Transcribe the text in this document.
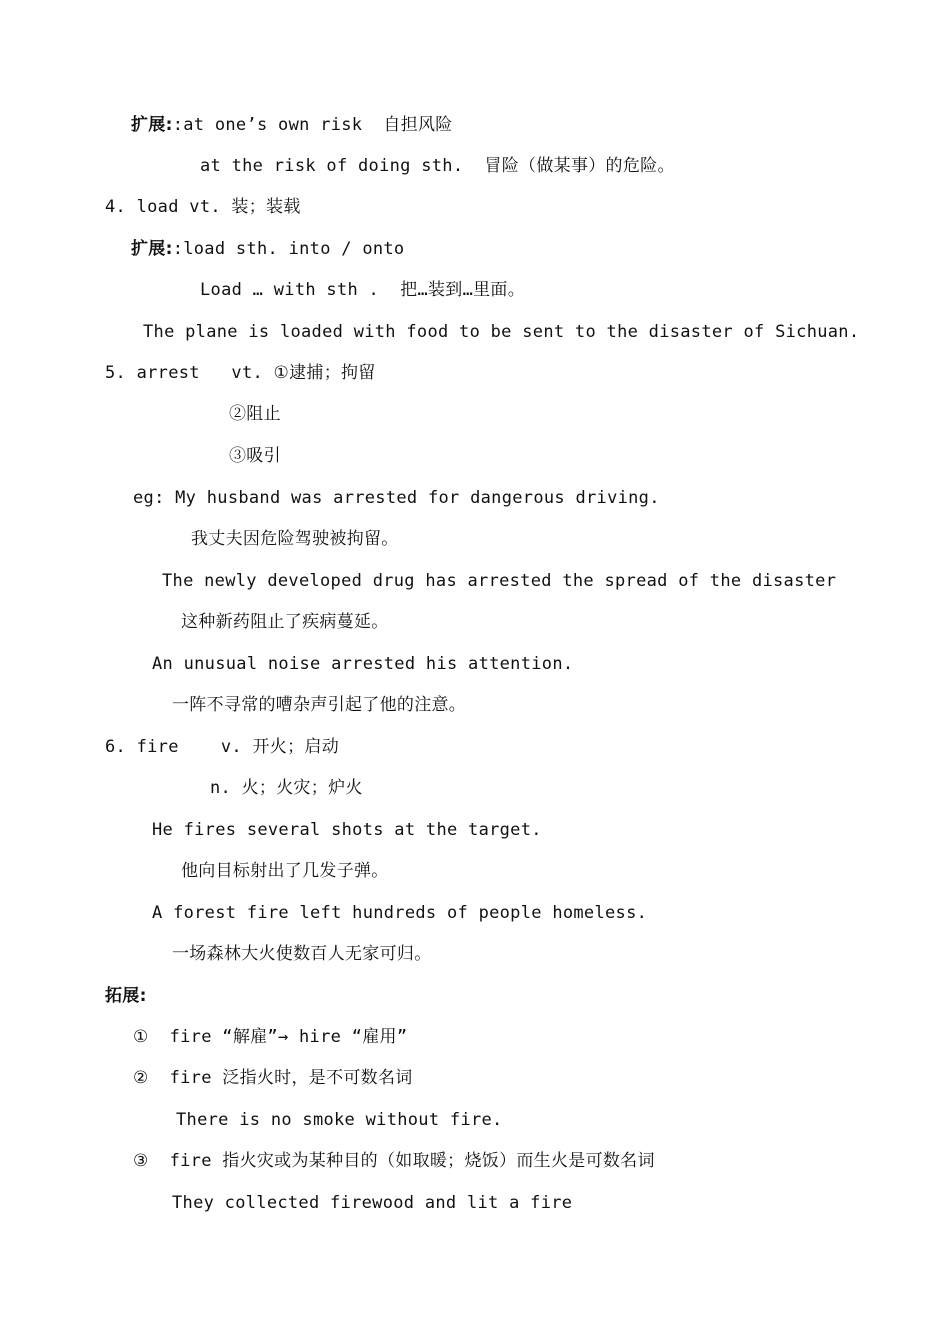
扩展::at one’s own risk  自担风险
at the risk of doing sth.  冒险（做某事）的危险。
4. load vt. 装；装载
扩展::load sth. into / onto
Load … with sth .  把…装到…里面。
The plane is loaded with food to be sent to the disaster of Sichuan.
5. arrest   vt. ①逮捕；拘留
②阻止
③吸引
eg: My husband was arrested for dangerous driving.
我丈夫因危险驾驶被拘留。
The newly developed drug has arrested the spread of the disaster
这种新药阻止了疾病蔓延。
An unusual noise arrested his attention.
一阵不寻常的嘈杂声引起了他的注意。
6. fire    v. 开火；启动
n. 火；火灾；炉火
He fires several shots at the target.
他向目标射出了几发子弹。
A forest fire left hundreds of people homeless.
一场森林大火使数百人无家可归。
拓展:
①  fire “解雇”→ hire “雇用”
②  fire 泛指火时，是不可数名词
There is no smoke without fire.
③  fire 指火灾或为某种目的（如取暖；烧饭）而生火是可数名词
They collected firewood and lit a fire
